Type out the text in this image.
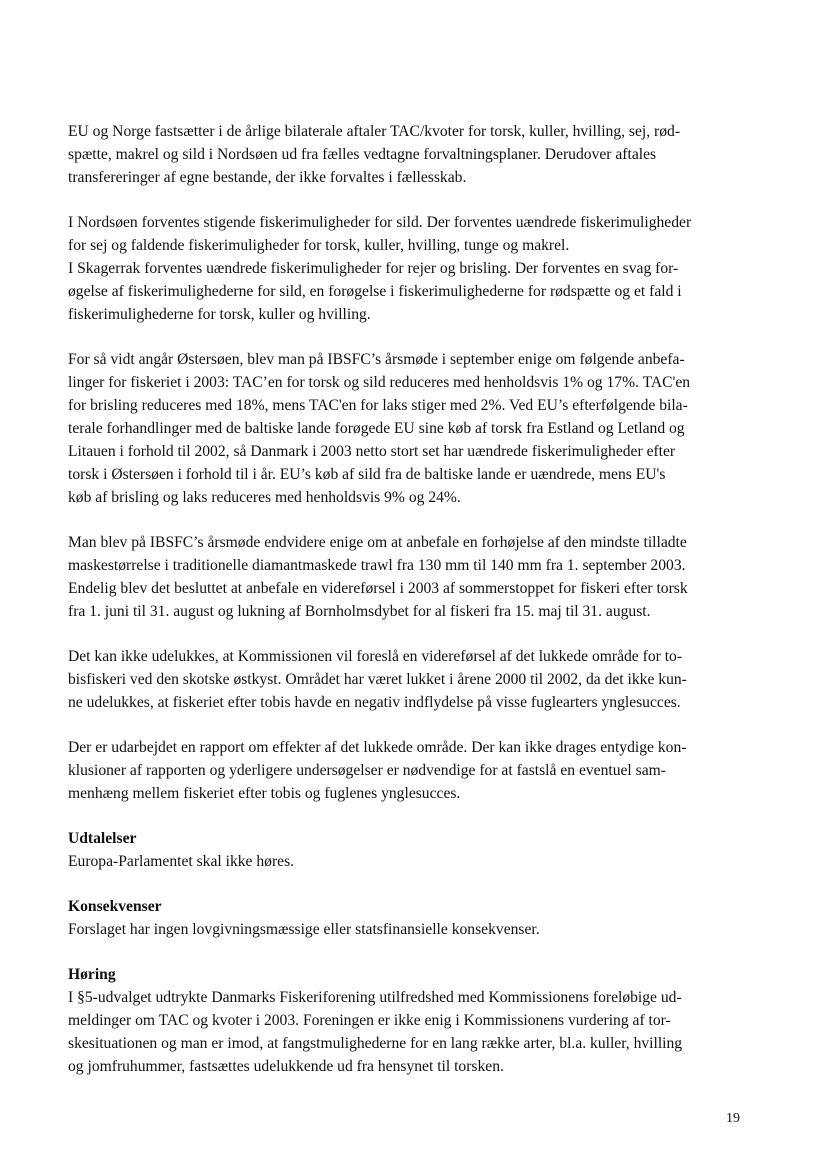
EU og Norge fastsætter i de årlige bilaterale aftaler TAC/kvoter for torsk, kuller, hvilling, sej, rød-
spætte, makrel og sild i Nordsøen ud fra fælles vedtagne forvaltningsplaner. Derudover aftales
transfereringer af egne bestande, der ikke forvaltes i fællesskab.

I Nordsøen forventes stigende fiskerimuligheder for sild. Der forventes uændrede fiskerimuligheder
for sej og faldende fiskerimuligheder for torsk, kuller, hvilling, tunge og makrel.
I Skagerrak forventes uændrede fiskerimuligheder for rejer og brisling. Der forventes en svag for-
øgelse af fiskerimulighederne for sild, en forøgelse i fiskerimulighederne for rødspætte og et fald i
fiskerimulighederne for torsk, kuller og hvilling.

For så vidt angår Østersøen, blev man på IBSFC’s årsmøde i september enige om følgende anbefa-
linger for fiskeriet i 2003: TAC’en for torsk og sild reduceres med henholdsvis 1% og 17%. TAC'en
for brisling reduceres med 18%, mens TAC'en for laks stiger med 2%. Ved EU’s efterfølgende bila-
terale forhandlinger med de baltiske lande forøgede EU sine køb af torsk fra Estland og Letland og
Litauen i forhold til 2002, så Danmark i 2003 netto stort set har uændrede fiskerimuligheder efter
torsk i Østersøen i forhold til i år. EU’s køb af sild fra de baltiske lande er uændrede, mens EU's
køb af brisling og laks reduceres med henholdsvis 9% og 24%.

Man blev på IBSFC’s årsmøde endvidere enige om at anbefale en forhøjelse af den mindste tilladte
maskestørrelse i traditionelle diamantmaskede trawl fra 130 mm til 140 mm fra 1. september 2003.
Endelig blev det besluttet at anbefale en videreførsel i 2003 af sommerstoppet for fiskeri efter torsk
fra 1. juni til 31. august og lukning af Bornholmsdybet for al fiskeri fra 15. maj til 31. august.

Det kan ikke udelukkes, at Kommissionen vil foreslå en videreførsel af det lukkede område for to-
bisfiskeri ved den skotske østkyst. Området har været lukket i årene 2000 til 2002, da det ikke kun-
ne udelukkes, at fiskeriet efter tobis havde en negativ indflydelse på visse fuglearters ynglesucces.

Der er udarbejdet en rapport om effekter af det lukkede område. Der kan ikke drages entydige kon-
klusioner af rapporten og yderligere undersøgelser er nødvendige for at fastslå en eventuel sam-
menhæng mellem fiskeriet efter tobis og fuglenes ynglesucces.

Udtalelser

Europa-Parlamentet skal ikke høres.

Konsekvenser

Forslaget har ingen lovgivningsmæssige eller statsfinansielle konsekvenser.

Høring

I §5-udvalget udtrykte Danmarks Fiskeriforening utilfredshed med Kommissionens foreløbige ud-
meldinger om TAC og kvoter i 2003. Foreningen er ikke enig i Kommissionens vurdering af tor-
skesituationen og man er imod, at fangstmulighederne for en lang række arter, bl.a. kuller, hvilling
og jomfruhummer, fastsættes udelukkende ud fra hensynet til torsken.

19
